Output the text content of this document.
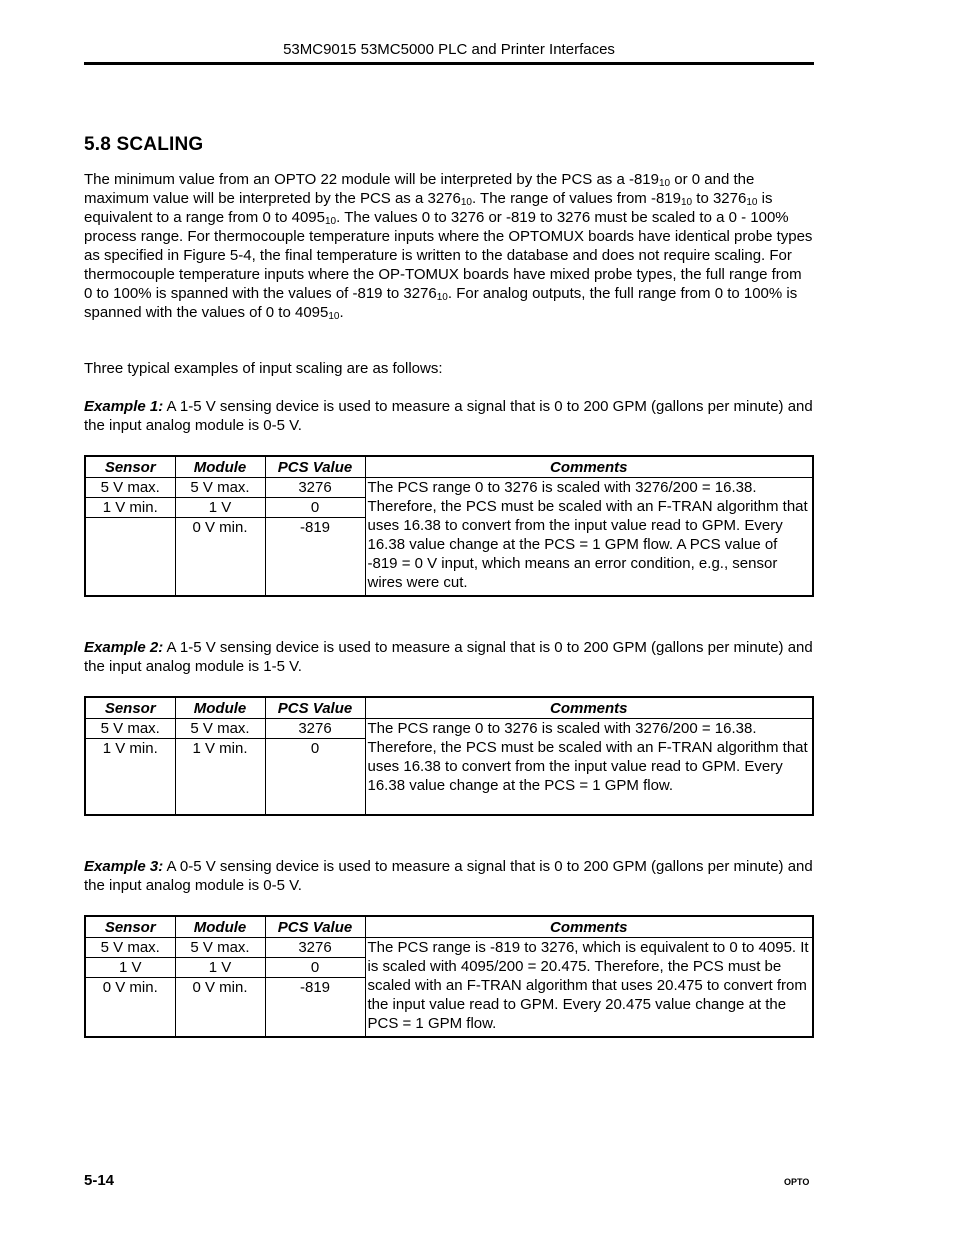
53MC9015 53MC5000 PLC and Printer Interfaces
5.8 SCALING

The minimum value from an OPTO 22 module will be interpreted by the PCS as a $-819_{10}$ or 0 and the maximum value will be interpreted by the PCS as a $3276_{10}$. The range of values from $-819_{10}$ to $3276_{10}$ is equivalent to a range from 0 to $4095_{10}$. The values 0 to 3276 or -819 to 3276 must be scaled to a 0 - 100% process range. For thermocouple temperature inputs where the OPTOMUX boards have identical probe types as specified in Figure 5-4, the final temperature is written to the database and does not require scaling. For thermocouple temperature inputs where the OP-TOMUX boards have mixed probe types, the full range from 0 to 100% is spanned with the values of -819 to $3276_{10}$. For analog outputs, the full range from 0 to 100% is spanned with the values of 0 to $4095_{10}$.

Three typical examples of input scaling are as follows:

Example 1: A 1-5 V sensing device is used to measure a signal that is 0 to 200 GPM (gallons per minute) and the input analog module is 0-5 V.

Sensor	Module	PCS Value	Comments
5 V max.	5 V max.	3276	The PCS range 0 to 3276 is scaled with 3276/200 = 16.38. Therefore, the PCS must be scaled with an F-TRAN algorithm that uses 16.38 to convert from the input value read to GPM. Every 16.38 value change at the PCS = 1 GPM flow. A PCS value of -819 = 0 V input, which means an error condition, e.g., sensor wires were cut.
1 V min.	1 V	0	
	0 V min.	-819	

Example 2: A 1-5 V sensing device is used to measure a signal that is 0 to 200 GPM (gallons per minute) and the input analog module is 1-5 V.

Sensor	Module	PCS Value	Comments
5 V max.	5 V max.	3276	The PCS range 0 to 3276 is scaled with 3276/200 = 16.38. Therefore, the PCS must be scaled with an F-TRAN algorithm that uses 16.38 to convert from the input value read to GPM. Every 16.38 value change at the PCS = 1 GPM flow.
1 V min.	1 V min.	0	

Example 3: A 0-5 V sensing device is used to measure a signal that is 0 to 200 GPM (gallons per minute) and the input analog module is 0-5 V.

Sensor	Module	PCS Value	Comments
5 V max.	5 V max.	3276	The PCS range is -819 to 3276, which is equivalent to 0 to 4095. It is scaled with 4095/200 = 20.475. Therefore, the PCS must be scaled with an F-TRAN algorithm that uses 20.475 to convert from the input value read to GPM. Every 20.475 value change at the PCS = 1 GPM flow.
1 V	1 V	0	
0 V min.	0 V min.	-819	
5-14	OPTO
